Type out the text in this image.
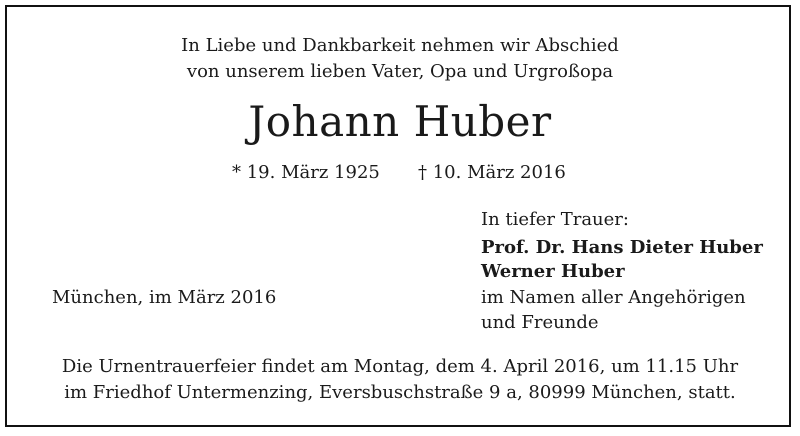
In Liebe und Dankbarkeit nehmen wir Abschied
von unserem lieben Vater, Opa und Urgroßopa
Johann Huber
* 19. März 1925 † 10. März 2016
In tiefer Trauer:
Prof. Dr. Hans Dieter Huber
Werner Huber
im Namen aller Angehörigen
und Freunde
München, im März 2016
Die Urnentrauerfeier findet am Montag, dem 4. April 2016, um 11.15 Uhr
im Friedhof Untermenzing, Eversbuschstraße 9 a, 80999 München, statt.
